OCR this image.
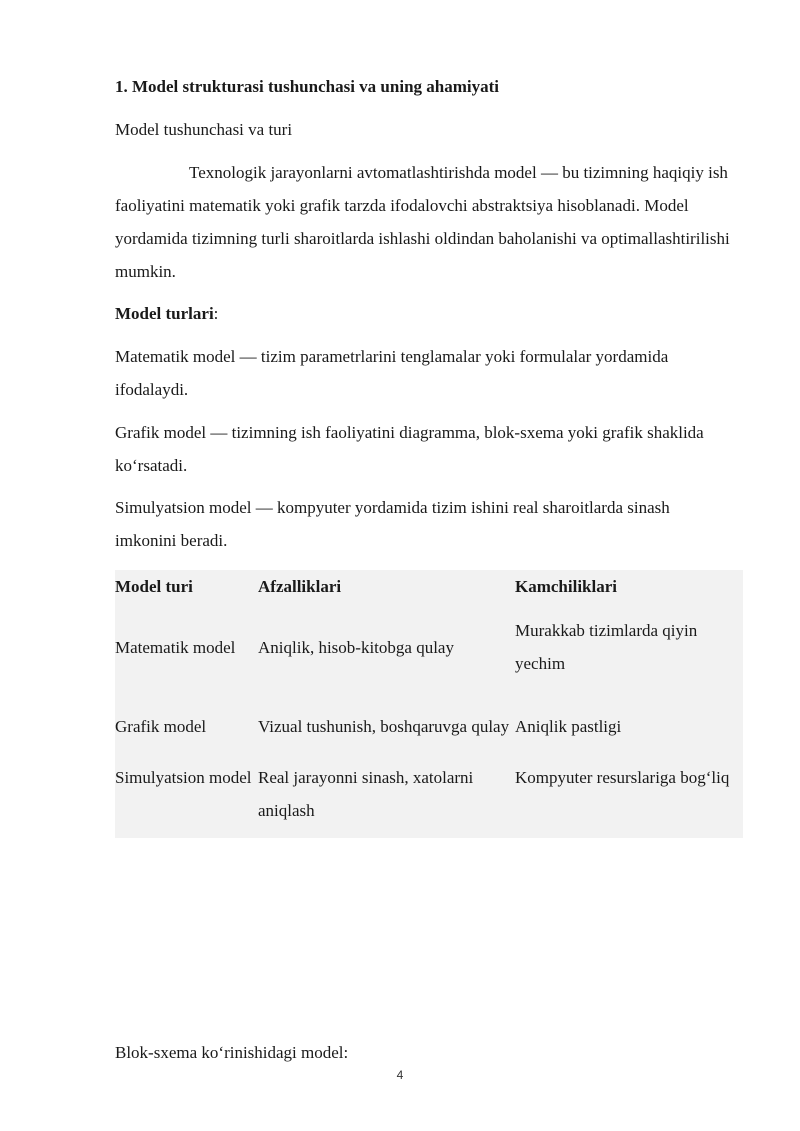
1. Model strukturasi tushunchasi va uning ahamiyati
Model tushunchasi va turi
Texnologik jarayonlarni avtomatlashtirishda model — bu tizimning haqiqiy ish faoliyatini matematik yoki grafik tarzda ifodalovchi abstraktsiya hisoblanadi. Model yordamida tizimning turli sharoitlarda ishlashi oldindan baholanishi va optimallashtirilishi mumkin.
Model turlari:
Matematik model — tizim parametrlarini tenglamalar yoki formulalar yordamida ifodalaydi.
Grafik model — tizimning ish faoliyatini diagramma, blok-sxema yoki grafik shaklida ko‘rsatadi.
Simulyatsion model — kompyuter yordamida tizim ishini real sharoitlarda sinash imkonini beradi.
Model turi	Afzalliklari	Kamchiliklari
Matematik model	Aniqlik, hisob-kitobga qulay	Murakkab tizimlarda qiyin yechim
Grafik model	Vizual tushunish, boshqaruvga qulay	Aniqlik pastligi
Simulyatsion model	Real jarayonni sinash, xatolarni aniqlash	Kompyuter resurslariga bog‘liq
Blok-sxema ko‘rinishidagi model:
4
